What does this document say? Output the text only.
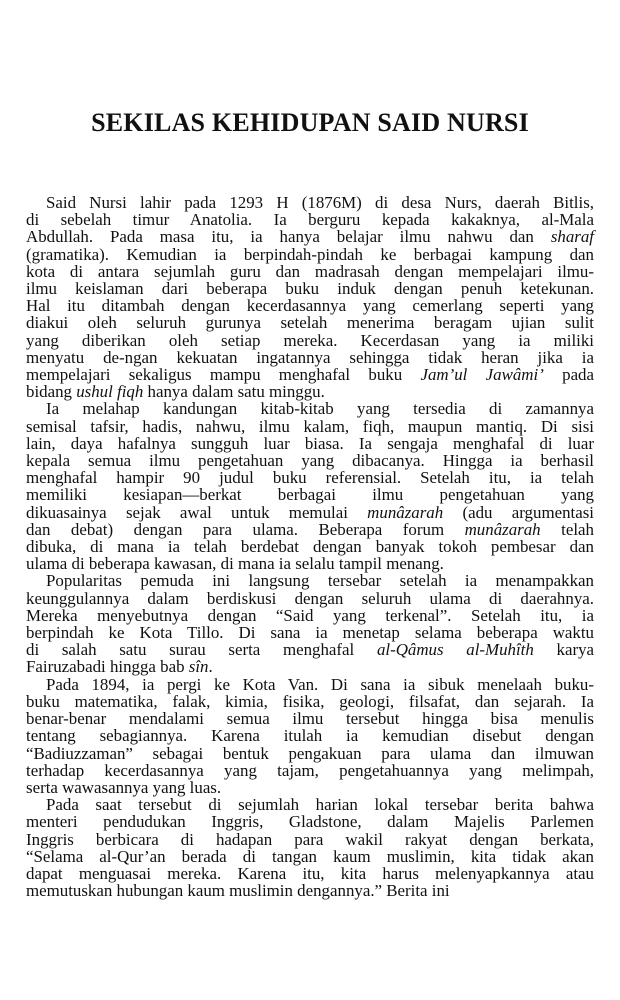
SEKILAS KEHIDUPAN SAID NURSI
Said Nursi lahir pada 1293 H (1876M) di desa Nurs, daerah Bitlis,
di sebelah timur Anatolia. Ia berguru kepada kakaknya, al-Mala
Abdullah. Pada masa itu, ia hanya belajar ilmu nahwu dan sharaf
(gramatika). Kemudian ia berpindah-pindah ke berbagai kampung dan
kota di antara sejumlah guru dan madrasah dengan mempelajari ilmu-
ilmu keislaman dari beberapa buku induk dengan penuh ketekunan.
Hal itu ditambah dengan kecerdasannya yang cemerlang seperti yang
diakui oleh seluruh gurunya setelah menerima beragam ujian sulit
yang diberikan oleh setiap mereka. Kecerdasan yang ia miliki
menyatu de-ngan kekuatan ingatannya sehingga tidak heran jika ia
mempelajari sekaligus mampu menghafal buku Jam’ul Jawâmi’ pada
bidang ushul fiqh hanya dalam satu minggu.
Ia melahap kandungan kitab-kitab yang tersedia di zamannya
semisal tafsir, hadis, nahwu, ilmu kalam, fiqh, maupun mantiq. Di sisi
lain, daya hafalnya sungguh luar biasa. Ia sengaja menghafal di luar
kepala semua ilmu pengetahuan yang dibacanya. Hingga ia berhasil
menghafal hampir 90 judul buku referensial. Setelah itu, ia telah
memiliki kesiapan—berkat berbagai ilmu pengetahuan yang
dikuasainya sejak awal untuk memulai munâzarah (adu argumentasi
dan debat) dengan para ulama. Beberapa forum munâzarah telah
dibuka, di mana ia telah berdebat dengan banyak tokoh pembesar dan
ulama di beberapa kawasan, di mana ia selalu tampil menang.
Popularitas pemuda ini langsung tersebar setelah ia menampakkan
keunggulannya dalam berdiskusi dengan seluruh ulama di daerahnya.
Mereka menyebutnya dengan “Said yang terkenal”. Setelah itu, ia
berpindah ke Kota Tillo. Di sana ia menetap selama beberapa waktu
di salah satu surau serta menghafal al-Qâmus al-Muhîth karya
Fairuzabadi hingga bab sîn.
Pada 1894, ia pergi ke Kota Van. Di sana ia sibuk menelaah buku-
buku matematika, falak, kimia, fisika, geologi, filsafat, dan sejarah. Ia
benar-benar mendalami semua ilmu tersebut hingga bisa menulis
tentang sebagiannya. Karena itulah ia kemudian disebut dengan
“Badiuzzaman” sebagai bentuk pengakuan para ulama dan ilmuwan
terhadap kecerdasannya yang tajam, pengetahuannya yang melimpah,
serta wawasannya yang luas.
Pada saat tersebut di sejumlah harian lokal tersebar berita bahwa
menteri pendudukan Inggris, Gladstone, dalam Majelis Parlemen
Inggris berbicara di hadapan para wakil rakyat dengan berkata,
“Selama al-Qur’an berada di tangan kaum muslimin, kita tidak akan
dapat menguasai mereka. Karena itu, kita harus melenyapkannya atau
memutuskan hubungan kaum muslimin dengannya.” Berita ini
